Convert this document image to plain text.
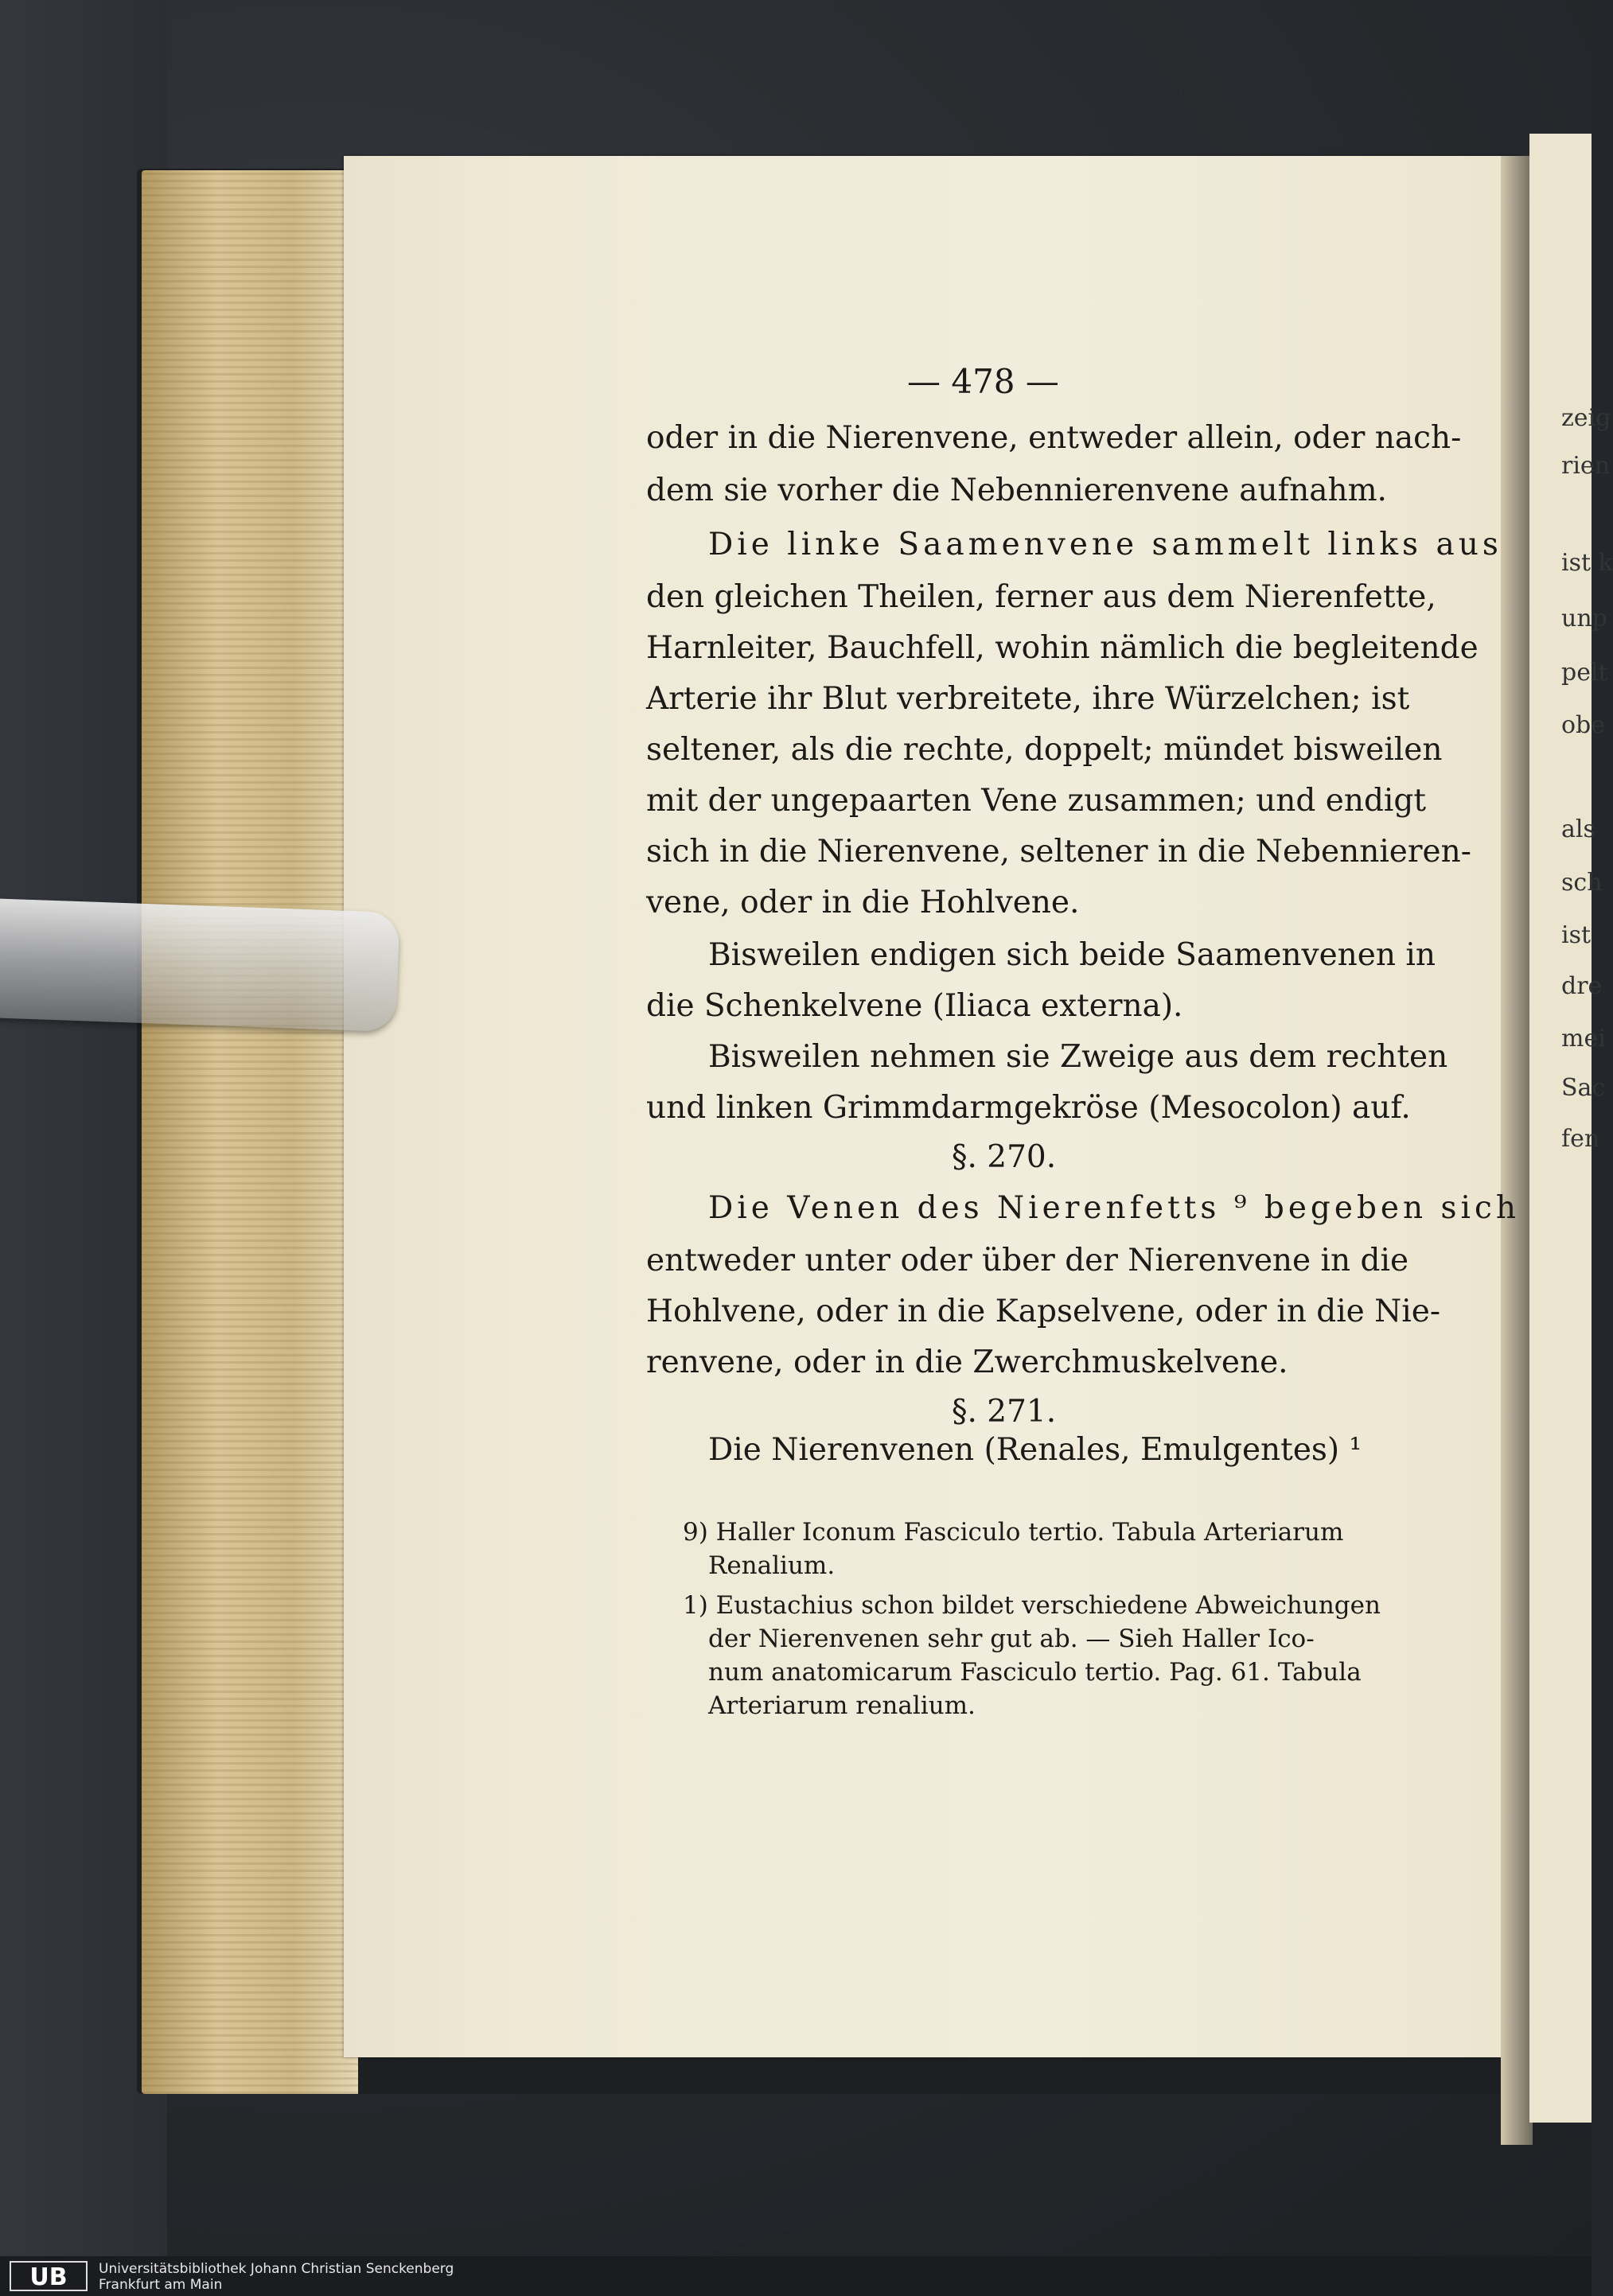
zeig
rien
ist k
unp
pelt
obe
als
sch
ist
dre
mei
Sac
fen
— 478 —
oder in die Nierenvene, entweder allein, oder nach-
dem sie vorher die Nebennierenvene aufnahm.
Die linke Saamenvene sammelt links aus
den gleichen Theilen, ferner aus dem Nierenfette,
Harnleiter, Bauchfell, wohin nämlich die begleitende
Arterie ihr Blut verbreitete, ihre Würzelchen; ist
seltener, als die rechte, doppelt; mündet bisweilen
mit der ungepaarten Vene zusammen; und endigt
sich in die Nierenvene, seltener in die Nebennieren-
vene, oder in die Hohlvene.
Bisweilen endigen sich beide Saamenvenen in
die Schenkelvene (Iliaca externa).
Bisweilen nehmen sie Zweige aus dem rechten
und linken Grimmdarmgekröse (Mesocolon) auf.
§. 270.
Die Venen des Nierenfetts ⁹ begeben sich
entweder unter oder über der Nierenvene in die
Hohlvene, oder in die Kapselvene, oder in die Nie-
renvene, oder in die Zwerchmuskelvene.
§. 271.
Die Nierenvenen (Renales, Emulgentes) ¹
9) Haller Iconum Fasciculo tertio. Tabula Arteriarum
Renalium.
1) Eustachius schon bildet verschiedene Abweichungen
der Nierenvenen sehr gut ab. — Sieh Haller Ico-
num anatomicarum Fasciculo tertio. Pag. 61. Tabula
Arteriarum renalium.
UB	Universitätsbibliothek Johann Christian Senckenberg
Frankfurt am Main
